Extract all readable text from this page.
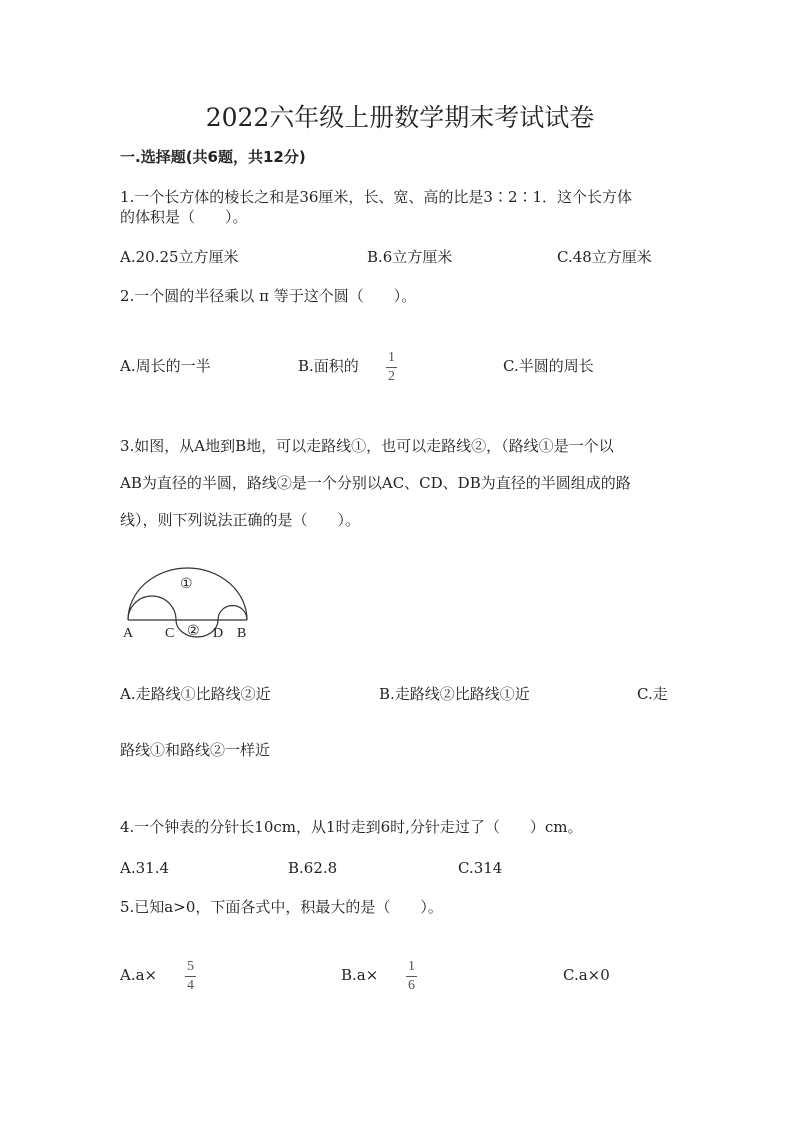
2022六年级上册数学期末考试试卷
一.选择题(共6题，共12分)
1.一个长方体的棱长之和是36厘米，长、宽、高的比是3∶2∶1．这个长方体
的体积是（　　）。
A.20.25立方厘米	B.6立方厘米	C.48立方厘米
2.一个圆的半径乘以 π 等于这个圆（　　）。
A.周长的一半	B.面积的 1
2
C.半圆的周长
3.如图，从A地到B地，可以走路线①，也可以走路线②，（路线①是一个以
AB为直径的半圆，路线②是一个分别以AC、CD、DB为直径的半圆组成的路
线），则下列说法正确的是（　　）。
①
②
A C	D B
A.走路线①比路线②近	B.走路线②比路线①近	C.走
路线①和路线②一样近
4.一个钟表的分针长10cm，从1时走到6时,分针走过了（　　）cm。
A.31.4	B.62.8	C.314
5.已知a>0，下面各式中，积最大的是（　　）。
A.a× 5
4
B.a× 1
6
C.a×0
